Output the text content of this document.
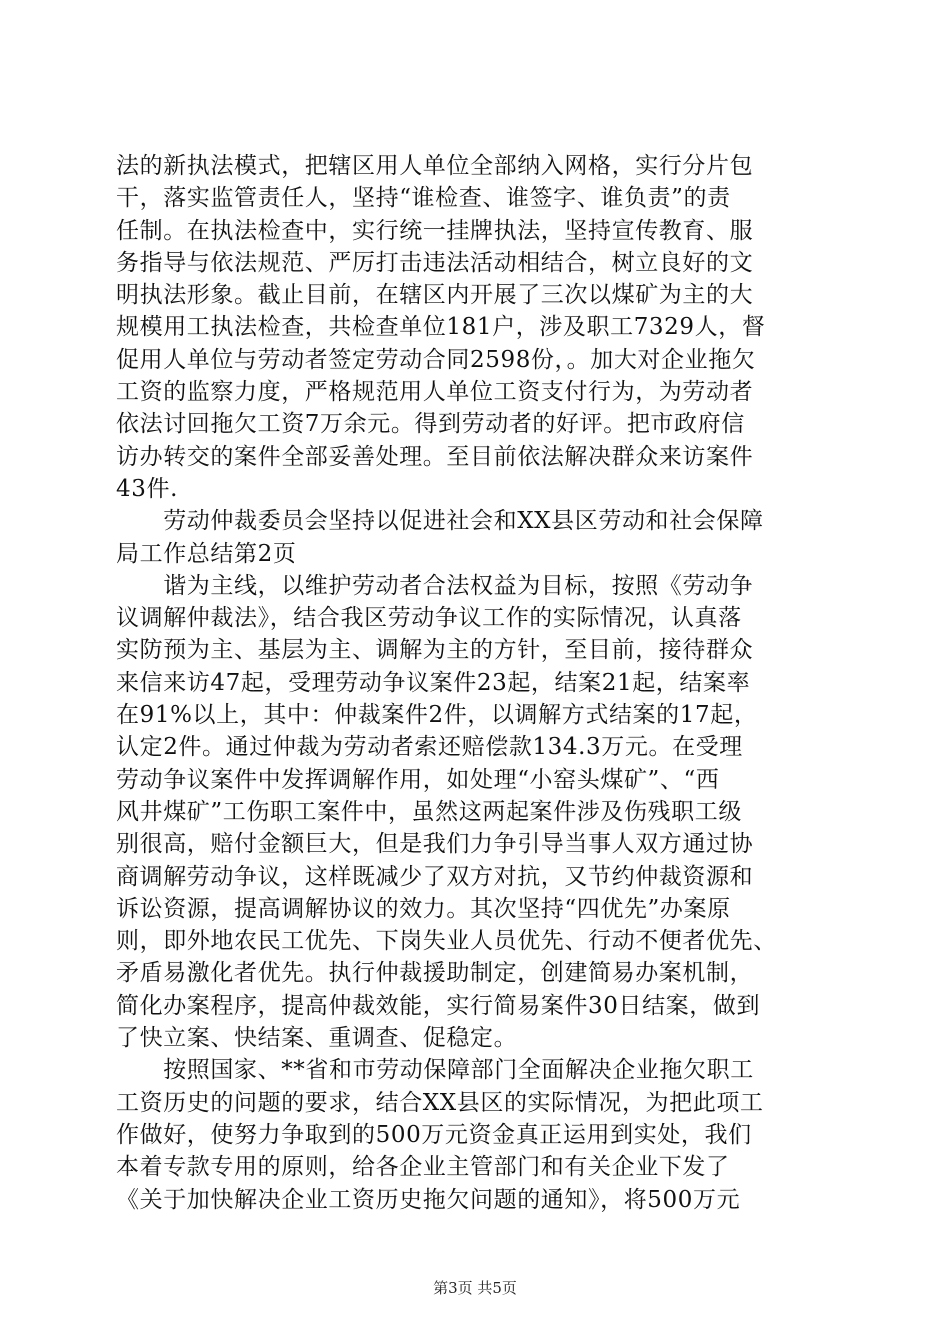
法的新执法模式，把辖区用人单位全部纳入网格，实行分片包
干，落实监管责任人，坚持“谁检查、谁签字、谁负责”的责
任制。在执法检查中，实行统一挂牌执法，坚持宣传教育、服
务指导与依法规范、严厉打击违法活动相结合，树立良好的文
明执法形象。截止目前，在辖区内开展了三次以煤矿为主的大
规模用工执法检查，共检查单位181户，涉及职工7329人，督
促用人单位与劳动者签定劳动合同2598份，。加大对企业拖欠
工资的监察力度，严格规范用人单位工资支付行为，为劳动者
依法讨回拖欠工资7万余元。得到劳动者的好评。把市政府信
访办转交的案件全部妥善处理。至目前依法解决群众来访案件
43件.
　　劳动仲裁委员会坚持以促进社会和XX县区劳动和社会保障
局工作总结第2页
　　谐为主线，以维护劳动者合法权益为目标，按照《劳动争
议调解仲裁法》，结合我区劳动争议工作的实际情况，认真落
实防预为主、基层为主、调解为主的方针，至目前，接待群众
来信来访47起，受理劳动争议案件23起，结案21起，结案率
在91%以上，其中：仲裁案件2件，以调解方式结案的17起，
认定2件。通过仲裁为劳动者索还赔偿款134.3万元。在受理
劳动争议案件中发挥调解作用，如处理“小窑头煤矿”、“西
风井煤矿”工伤职工案件中，虽然这两起案件涉及伤残职工级
别很高，赔付金额巨大，但是我们力争引导当事人双方通过协
商调解劳动争议，这样既减少了双方对抗，又节约仲裁资源和
诉讼资源，提高调解协议的效力。其次坚持“四优先”办案原
则，即外地农民工优先、下岗失业人员优先、行动不便者优先、
矛盾易激化者优先。执行仲裁援助制定，创建简易办案机制，
简化办案程序，提高仲裁效能，实行简易案件30日结案，做到
了快立案、快结案、重调查、促稳定。
　　按照国家、**省和市劳动保障部门全面解决企业拖欠职工
工资历史的问题的要求，结合XX县区的实际情况，为把此项工
作做好，使努力争取到的500万元资金真正运用到实处，我们
本着专款专用的原则，给各企业主管部门和有关企业下发了
《关于加快解决企业工资历史拖欠问题的通知》，将500万元
第3页 共5页
